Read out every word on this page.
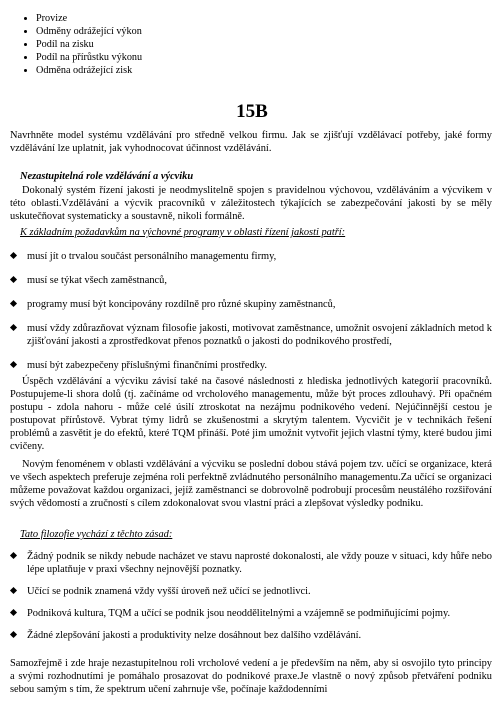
• Provize
• Odměny odrážející výkon
• Podíl na zisku
• Podíl na přírůstku výkonu
• Odměna odrážející zisk
15B

Navrhněte model systému vzdělávání pro středně velkou firmu. Jak se zjišťují vzdělávací potřeby, jaké formy vzdělávání lze uplatnit, jak vyhodnocovat účinnost vzdělávání.

Nezastupitelná role vzdělávání a výcviku

Dokonalý systém řízení jakosti je neodmyslitelně spojen s pravidelnou výchovou, vzděláváním a výcvikem v této oblasti.Vzdělávání a výcvik pracovníků v záležitostech týkajících se zabezpečování jakosti by se měly uskutečňovat systematicky a soustavně, nikoli formálně.

K základním požadavkům na výchovné programy v oblasti řízení jakosti patří:

musí jít o trvalou součást personálního managementu firmy,
musí se týkat všech zaměstnanců,
programy musí být koncipovány rozdílně pro různé skupiny zaměstnanců,
musí vždy zdůrazňovat význam filosofie jakosti, motivovat zaměstnance, umožnit osvojení základních metod k zjišťování jakosti a zprostředkovat přenos poznatků o jakosti do podnikového prostředí,
musí být zabezpečeny příslušnými finančními prostředky.

Úspěch vzdělávání a výcviku závisí také na časové následnosti z hlediska jednotlivých kategorií pracovníků. Postupujeme-li shora dolů (tj. začínáme od vrcholového managementu, může být proces zdlouhavý. Při opačném postupu - zdola nahoru - může celé úsilí ztroskotat na nezájmu podnikového vedení. Nejúčinnější cestou je postupovat přírůstově. Vybrat týmy lidrů se zkušenostmi a skrytým talentem. Vycvičit je v technikách řešení problémů a zasvětit je do efektů, které TQM přináší. Poté jim umožnit vytvořit jejich vlastní týmy, které budou jimi cvičeny.

Novým fenoménem v oblasti vzdělávání a výcviku se poslední dobou stává pojem tzv. učící se organizace, která ve všech aspektech preferuje zejména roli perfektně zvládnutého personálního managementu.Za učící se organizaci můžeme považovat každou organizaci, jejíž zaměstnanci se dobrovolně podrobují procesům neustálého rozšiřování svých vědomostí a zručností s cílem zdokonalovat svou vlastní práci a zlepšovat výsledky podniku.

Tato filozofie vychází z těchto zásad:

Žádný podnik se nikdy nebude nacházet ve stavu naprosté dokonalosti, ale vždy pouze v situaci, kdy hůře nebo lépe uplatňuje v praxi všechny nejnovější poznatky.
Učící se podnik znamená vždy vyšší úroveň než učící se jednotlivci.
Podniková kultura, TQM a učící se podnik jsou neoddělitelnými a vzájemně se podmiňujícími pojmy.
Žádné zlepšování jakosti a produktivity nelze dosáhnout bez dalšího vzdělávání.

Samozřejmě i zde hraje nezastupitelnou roli vrcholové vedení a je především na něm, aby si osvojilo tyto principy a svými rozhodnutími je pomáhalo prosazovat do podnikové praxe.Je vlastně o nový způsob přetváření podniku sebou samým s tím, že spektrum učení zahrnuje vše, počínaje každodenními
